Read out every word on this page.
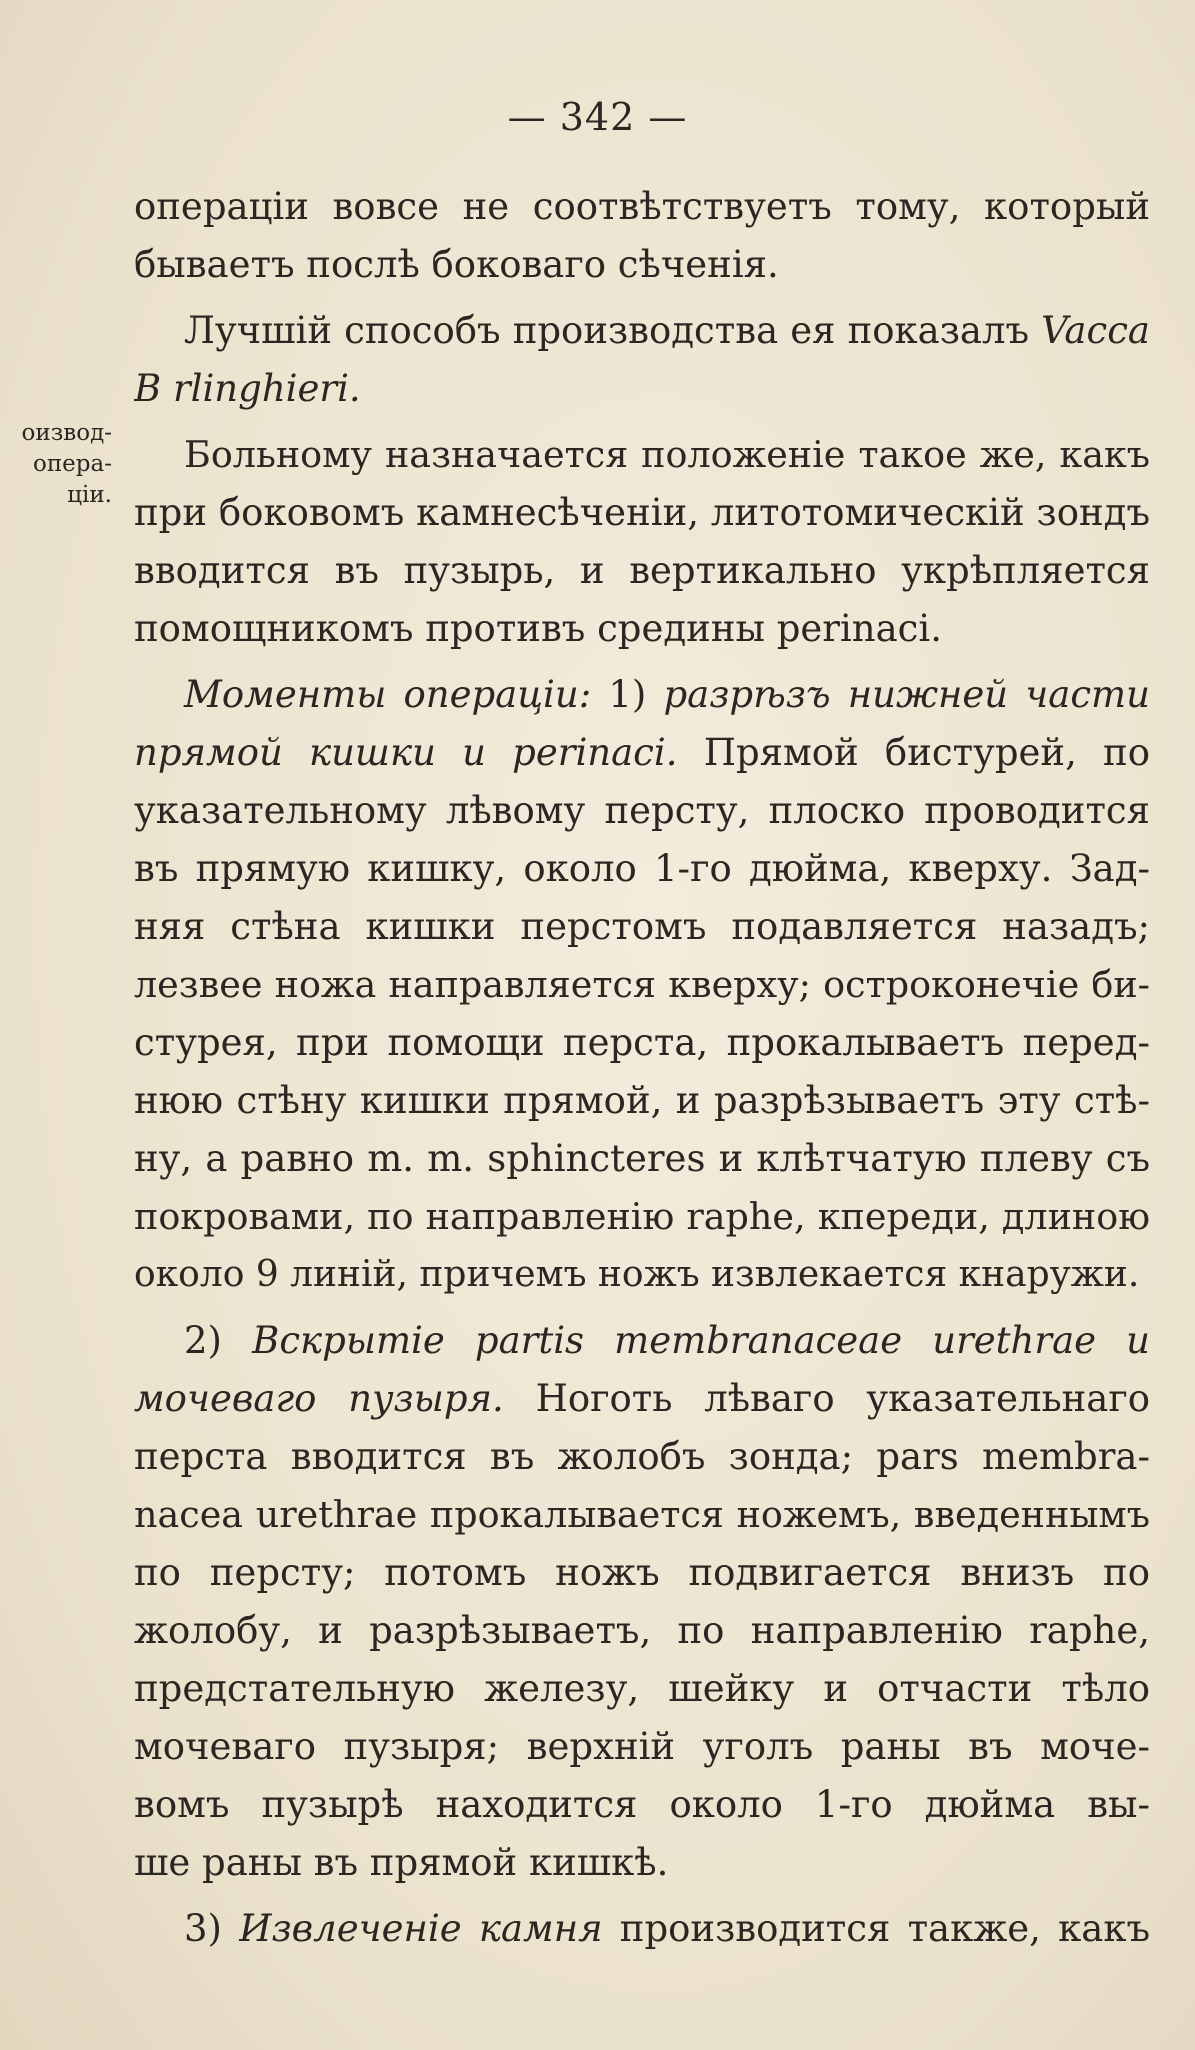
— 342 —
оизвод-
опера-
ціи.
операціи вовсе не соотвѣтствуетъ тому, который
бываетъ послѣ боковаго сѣченія.
Лучшій способъ производства ея показалъ Vacca
B rlinghieri.
Больному назначается положеніе такое же, какъ
при боковомъ камнесѣченіи, литотомическій зондъ
вводится въ пузырь, и вертикально укрѣпляется
помощникомъ противъ средины perinaci.
Моменты операціи: 1) разрѣзъ нижней части
прямой кишки и perinaci. Прямой бистурей, по
указательному лѣвому персту, плоско проводится
въ прямую кишку, около 1-го дюйма, кверху. Зад-
няя стѣна кишки перстомъ подавляется назадъ;
лезвее ножа направляется кверху; остроконечіе би-
стурея, при помощи перста, прокалываетъ перед-
нюю стѣну кишки прямой, и разрѣзываетъ эту стѣ-
ну, а равно m. m. sphincteres и клѣтчатую плеву съ
покровами, по направленію raphe, кпереди, длиною
около 9 линій, причемъ ножъ извлекается кнаружи.
2) Вскрытіе partis membranaceae urethrae и
мочеваго пузыря. Ноготь лѣваго указательнаго
перста вводится въ жолобъ зонда; pars membra-
nacea urethrae прокалывается ножемъ, введеннымъ
по персту; потомъ ножъ подвигается внизъ по
жолобу, и разрѣзываетъ, по направленію raphe,
предстательную железу, шейку и отчасти тѣло
мочеваго пузыря; верхній уголъ раны въ моче-
вомъ пузырѣ находится около 1-го дюйма вы-
ше раны въ прямой кишкѣ.
3) Извлеченіе камня производится также, какъ
